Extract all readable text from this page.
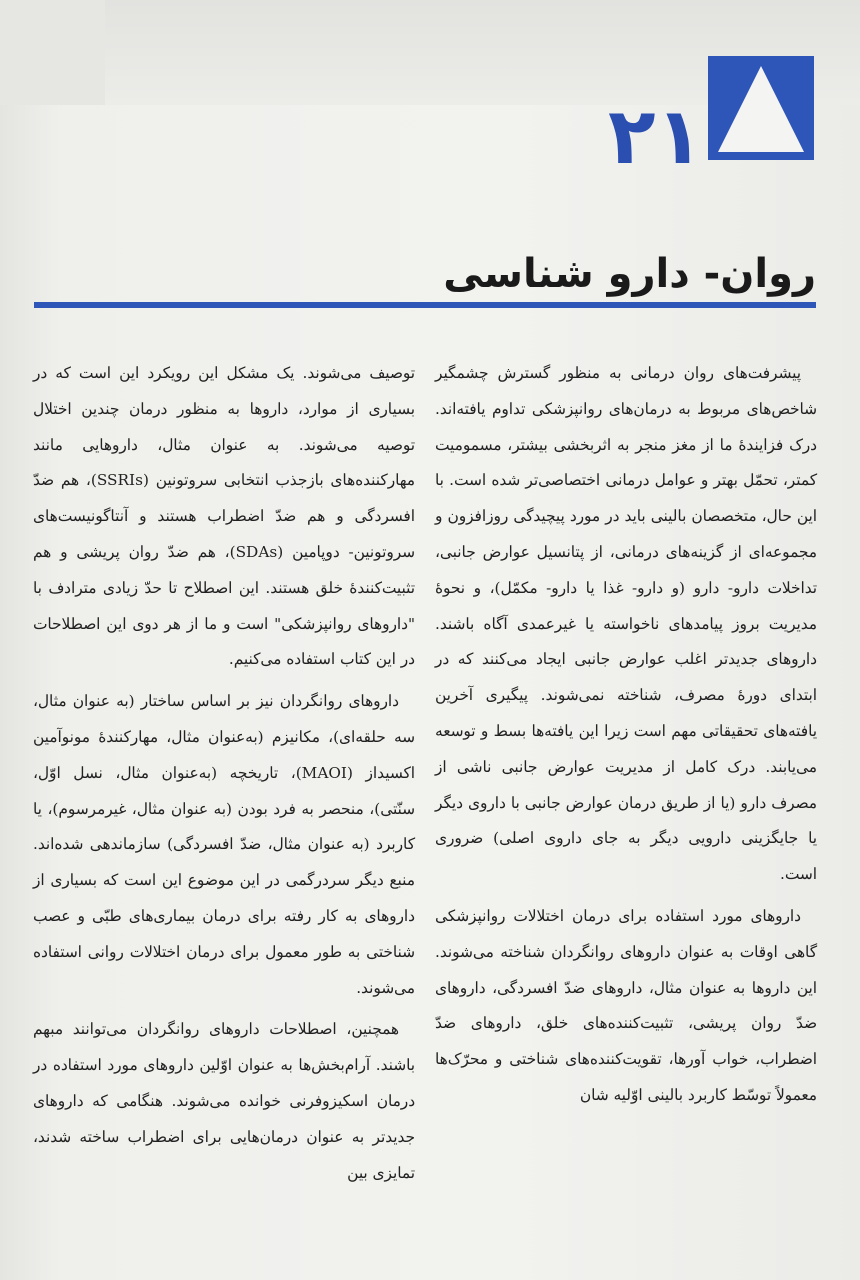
۲۱
روان- دارو شناسی

پیشرفت‌های روان درمانی به منظور گسترش چشمگیر شاخص‌های مربوط به درمان‌های روانپزشکی تداوم یافته‌اند. درک فزایندهٔ ما از مغز منجر به اثربخشی بیشتر، مسمومیت کمتر، تحمّل بهتر و عوامل درمانی اختصاصی‌تر شده است. با این حال، متخصصان بالینی باید در مورد پیچیدگی روزافزون و مجموعه‌ای از گزینه‌های درمانی، از پتانسیل عوارض جانبی، تداخلات دارو- دارو (و دارو- غذا یا دارو- مکمّل)، و نحوهٔ مدیریت بروز پیامدهای ناخواسته یا غیرعمدی آگاه باشند. داروهای جدیدتر اغلب عوارض جانبی ایجاد می‌کنند که در ابتدای دورهٔ مصرف، شناخته نمی‌شوند. پیگیری آخرین یافته‌های تحقیقاتی مهم است زیرا این یافته‌ها بسط و توسعه می‌یابند. درک کامل از مدیریت عوارض جانبی ناشی از مصرف دارو (یا از طریق درمان عوارض جانبی با داروی دیگر یا جایگزینی دارویی دیگر به جای داروی اصلی) ضروری است.

داروهای مورد استفاده برای درمان اختلالات روانپزشکی گاهی اوقات به عنوان داروهای روانگردان شناخته می‌شوند. این داروها به عنوان مثال، داروهای ضدّ افسردگی، داروهای ضدّ روان پریشی، تثبیت‌کننده‌های خلق، داروهای ضدّ اضطراب، خواب آورها، تقویت‌کننده‌های شناختی و محرّک‌ها معمولاً توسّط کاربرد بالینی اوّلیه شان

توصیف می‌شوند. یک مشکل این رویکرد این است که در بسیاری از موارد، داروها به منظور درمان چندین اختلال توصیه می‌شوند. به عنوان مثال، داروهایی مانند مهارکننده‌های بازجذب انتخابی سروتونین (SSRIs)، هم ضدّ افسردگی و هم ضدّ اضطراب هستند و آنتاگونیست‌های سروتونین- دوپامین (SDAs)، هم ضدّ روان پریشی و هم تثبیت‌کنندهٔ خلق هستند. این اصطلاح تا حدّ زیادی مترادف با "داروهای روانپزشکی" است و ما از هر دوی این اصطلاحات در این کتاب استفاده می‌کنیم.

داروهای روانگردان نیز بر اساس ساختار (به عنوان مثال، سه حلقه‌ای)، مکانیزم (به‌عنوان مثال، مهارکنندهٔ مونوآمین اکسیداز (MAOI)، تاریخچه (به‌عنوان مثال، نسل اوّل، سنّتی)، منحصر به فرد بودن (به عنوان مثال، غیرمرسوم)، یا کاربرد (به عنوان مثال، ضدّ افسردگی) سازماندهی شده‌اند. منبع دیگر سردرگمی در این موضوع این است که بسیاری از داروهای به کار رفته برای درمان بیماری‌های طبّی و عصب شناختی به طور معمول برای درمان اختلالات روانی استفاده می‌شوند.

همچنین، اصطلاحات داروهای روانگردان می‌توانند مبهم باشند. آرام‌بخش‌ها به عنوان اوّلین داروهای مورد استفاده در درمان اسکیزوفرنی خوانده می‌شوند. هنگامی که داروهای جدیدتر به عنوان درمان‌هایی برای اضطراب ساخته شدند، تمایزی بین
